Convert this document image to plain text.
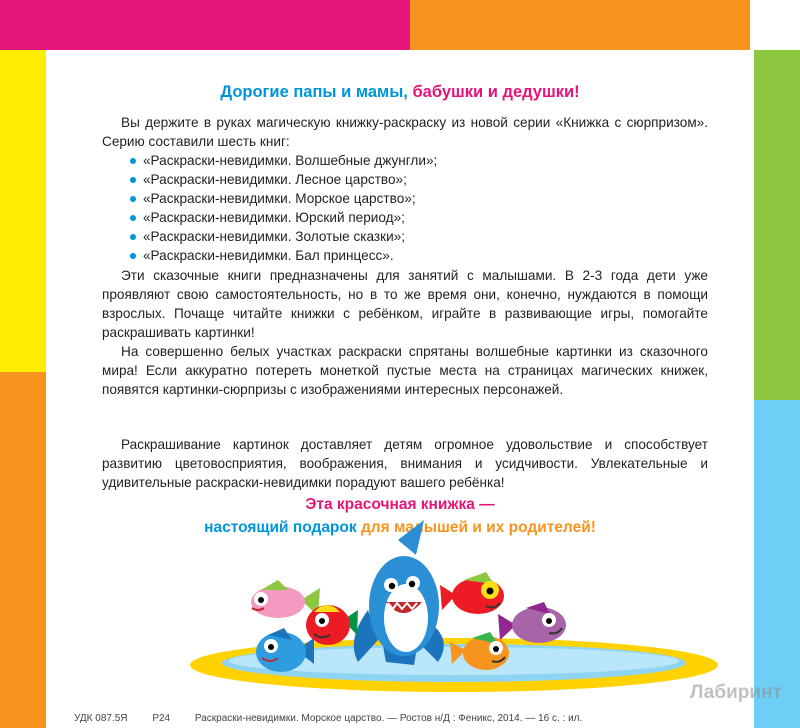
Дорогие папы и мамы, бабушки и дедушки!

Вы держите в руках магическую книжку-раскраску из новой серии «Книжка с сюрпризом». Серию составили шесть книг:

«Раскраски-невидимки. Волшебные джунгли»;
«Раскраски-невидимки. Лесное царство»;
«Раскраски-невидимки. Морское царство»;
«Раскраски-невидимки. Юрский период»;
«Раскраски-невидимки. Золотые сказки»;
«Раскраски-невидимки. Бал принцесс».

Эти сказочные книги предназначены для занятий с малышами. В 2-3 года дети уже проявляют свою самостоятельность, но в то же время они, конечно, нуждаются в помощи взрослых. Почаще читайте книжки с ребёнком, играйте в развивающие игры, помогайте раскрашивать картинки!

На совершенно белых участках раскраски спрятаны волшебные картинки из сказочного мира! Если аккуратно потереть монеткой пустые места на страницах магических книжек, появятся картинки-сюрпризы с изображениями интересных персонажей.

Раскрашивание картинок доставляет детям огромное удовольствие и способствует развитию цветовосприятия, воображения, внимания и усидчивости. Увлекательные и удивительные раскраски-невидимки порадуют вашего ребёнка!

Эта красочная книжка —
настоящий подарок для малышей и их родителей!
УДК 087.5Я Р24 Раскраски-невидимки. Морское царство. — Ростов н/Д : Феникс, 2014. — 16 с. : ил.
Лабиринт
